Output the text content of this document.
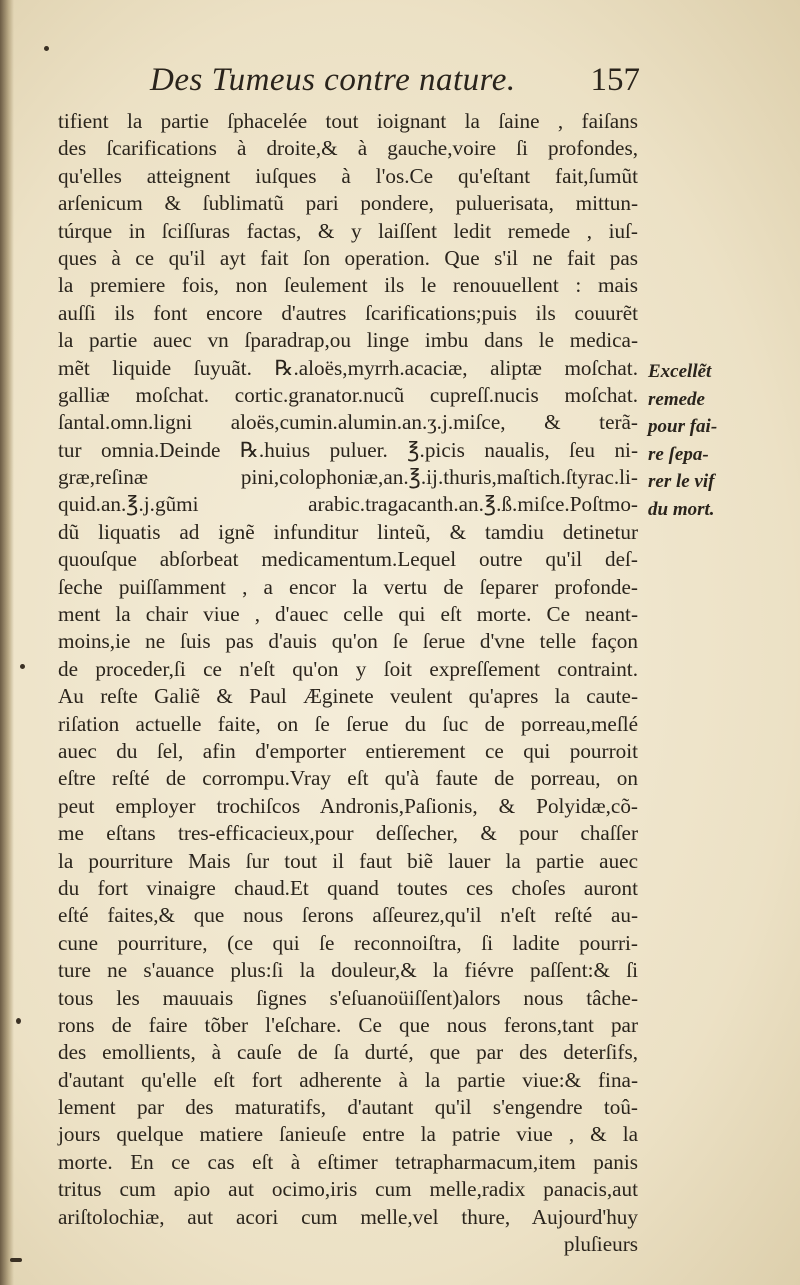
Des Tumeus contre nature. 157
tifient la partie ſphacelée tout ioignant la ſaine , faiſans
des ſcarifications à droite,& à gauche,voire ſi profondes,
qu'elles atteignent iuſques à l'os.Ce qu'eſtant fait,ſumũt
arſenicum & ſublimatũ pari pondere, puluerisata, mittun-
túrque in ſciſſuras factas, & y laiſſent ledit remede , iuſ-
ques à ce qu'il ayt fait ſon operation. Que s'il ne fait pas
la premiere fois, non ſeulement ils le renouuellent : mais
auſſi ils font encore d'autres ſcarifications;puis ils couurẽt
la partie auec vn ſparadrap,ou linge imbu dans le medica-
mẽt liquide ſuyuãt. ℞.aloës,myrrh.acaciæ, aliptæ moſchat.
galliæ moſchat. cortic.granator.nucũ cupreſſ.nucis moſchat.
ſantal.omn.ligni aloës,cumin.alumin.an.ʒ.j.miſce, & terã-
tur omnia.Deinde ℞.huius puluer. ℥.picis naualis, ſeu ni-
græ,reſinæ pini,colophoniæ,an.℥.ij.thuris,maſtich.ſtyrac.li-
quid.an.℥.j.gũmi arabic.tragacanth.an.℥.ß.miſce.Poſtmo-
dũ liquatis ad ignẽ infunditur linteũ, & tamdiu detinetur
quouſque abſorbeat medicamentum.Lequel outre qu'il deſ-
ſeche puiſſamment , a encor la vertu de ſeparer profonde-
ment la chair viue , d'auec celle qui eſt morte. Ce neant-
moins,ie ne ſuis pas d'auis qu'on ſe ſerue d'vne telle façon
de proceder,ſi ce n'eſt qu'on y ſoit expreſſement contraint.
Au reſte Galiẽ & Paul Æginete veulent qu'apres la caute-
riſation actuelle faite, on ſe ſerue du ſuc de porreau,meſlé
auec du ſel, afin d'emporter entierement ce qui pourroit
eſtre reſté de corrompu.Vray eſt qu'à faute de porreau, on
peut employer trochiſcos Andronis,Paſionis, & Polyidæ,cõ-
me eſtans tres-efficacieux,pour deſſecher, & pour chaſſer
la pourriture Mais ſur tout il faut biẽ lauer la partie auec
du fort vinaigre chaud.Et quand toutes ces choſes auront
eſté faites,& que nous ſerons aſſeurez,qu'il n'eſt reſté au-
cune pourriture, (ce qui ſe reconnoiſtra, ſi ladite pourri-
ture ne s'auance plus:ſi la douleur,& la fiévre paſſent:& ſi
tous les mauuais ſignes s'eſuanoüiſſent)alors nous tâche-
rons de faire tõber l'eſchare. Ce que nous ferons,tant par
des emollients, à cauſe de ſa durté, que par des deterſifs,
d'autant qu'elle eſt fort adherente à la partie viue:& fina-
lement par des maturatifs, d'autant qu'il s'engendre toû-
jours quelque matiere ſanieuſe entre la patrie viue , & la
morte. En ce cas eſt à eſtimer tetrapharmacum,item panis
tritus cum apio aut ocimo,iris cum melle,radix panacis,aut
ariſtolochiæ, aut acori cum melle,vel thure, Aujourd'huy
pluſieurs
Excellẽt
remede
pour fai-
re ſepa-
rer le vif
du mort.
